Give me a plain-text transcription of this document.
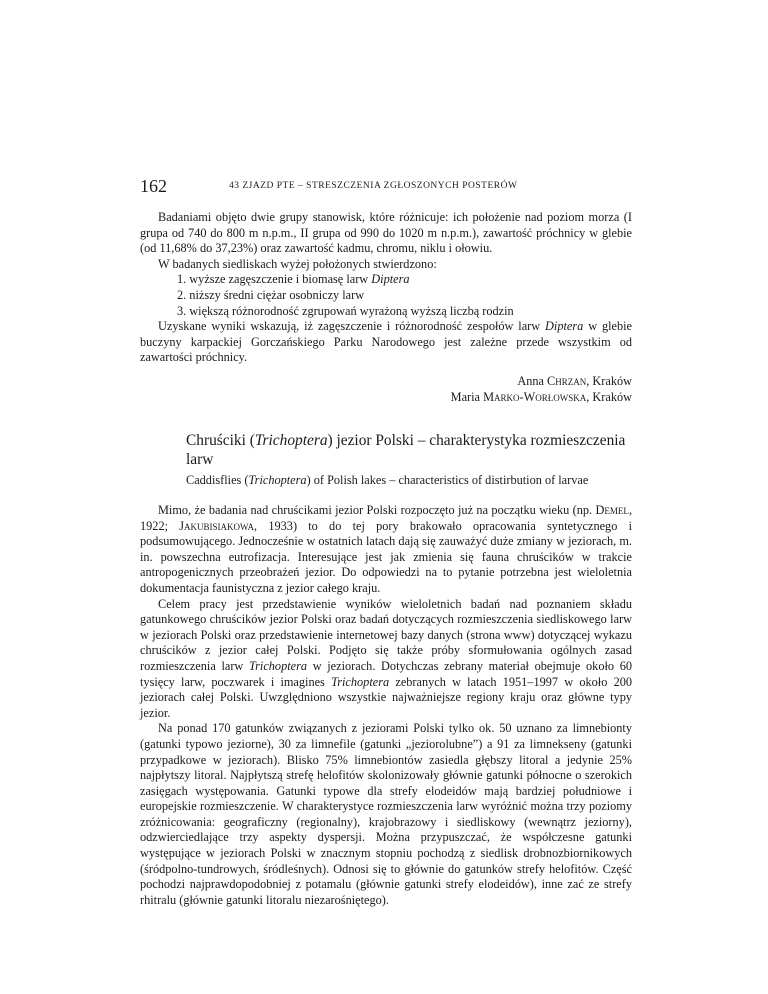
162	43 ZJAZD PTE – STRESZCZENIA ZGŁOSZONYCH POSTERÓW

Badaniami objęto dwie grupy stanowisk, które różnicuje: ich położenie nad poziom morza (I grupa od 740 do 800 m n.p.m., II grupa od 990 do 1020 m n.p.m.), zawartość próchnicy w glebie (od 11,68% do 37,23%) oraz zawartość kadmu, chromu, niklu i ołowiu.

W badanych siedliskach wyżej położonych stwierdzono:

1. wyższe zagęszczenie i biomasę larw Diptera
2. niższy średni ciężar osobniczy larw
3. większą różnorodność zgrupowań wyrażoną wyższą liczbą rodzin

Uzyskane wyniki wskazują, iż zagęszczenie i różnorodność zespołów larw Diptera w glebie buczyny karpackiej Gorczańskiego Parku Narodowego jest zależne przede wszystkim od zawartości próchnicy.

Anna Chrzan, Kraków
Maria Marko-Worłowska, Kraków
Chruściki (Trichoptera) jezior Polski – charakterystyka rozmieszczenia larw
Caddisflies (Trichoptera) of Polish lakes – characteristics of distirbution of larvae

Mimo, że badania nad chruścikami jezior Polski rozpoczęto już na początku wieku (np. Demel, 1922; Jakubisiakowa, 1933) to do tej pory brakowało opracowania syntetycznego i podsumowującego. Jednocześnie w ostatnich latach dają się zauważyć duże zmiany w jeziorach, m. in. powszechna eutrofizacja. Interesujące jest jak zmienia się fauna chruścików w trakcie antropogenicznych przeobrażeń jezior. Do odpowiedzi na to pytanie potrzebna jest wieloletnia dokumentacja faunistyczna z jezior całego kraju.

Celem pracy jest przedstawienie wyników wieloletnich badań nad poznaniem składu gatunkowego chruścików jezior Polski oraz badań dotyczących rozmieszczenia siedliskowego larw w jeziorach Polski oraz przedstawienie internetowej bazy danych (strona www) dotyczącej wykazu chruścików z jezior całej Polski. Podjęto się także próby sformułowania ogólnych zasad rozmieszczenia larw Trichoptera w jeziorach. Dotychczas zebrany materiał obejmuje około 60 tysięcy larw, poczwarek i imagines Trichoptera zebranych w latach 1951–1997 w około 200 jeziorach całej Polski. Uwzględniono wszystkie najważniejsze regiony kraju oraz główne typy jezior.

Na ponad 170 gatunków związanych z jeziorami Polski tylko ok. 50 uznano za limnebionty (gatunki typowo jeziorne), 30 za limnefile (gatunki „jeziorolubne”) a 91 za limnekseny (gatunki przypadkowe w jeziorach). Blisko 75% limnebiontów zasiedla głębszy litoral a jedynie 25% najpłytszy litoral. Najpłytszą strefę helofitów skolonizowały głównie gatunki północne o szerokich zasięgach występowania. Gatunki typowe dla strefy elodeidów mają bardziej południowe i europejskie rozmieszczenie. W charakterystyce rozmieszczenia larw wyróżnić można trzy poziomy zróżnicowania: geograficzny (regionalny), krajobrazowy i siedliskowy (wewnątrz jeziorny), odzwierciedlające trzy aspekty dyspersji. Można przypuszczać, że współczesne gatunki występujące w jeziorach Polski w znacznym stopniu pochodzą z siedlisk drobnozbiornikowych (śródpolno-tundrowych, śródleśnych). Odnosi się to głównie do gatunków strefy helofitów. Część pochodzi najprawdopodobniej z potamalu (głównie gatunki strefy elodeidów), inne zać ze strefy rhitralu (głównie gatunki litoralu niezarośniętego).
